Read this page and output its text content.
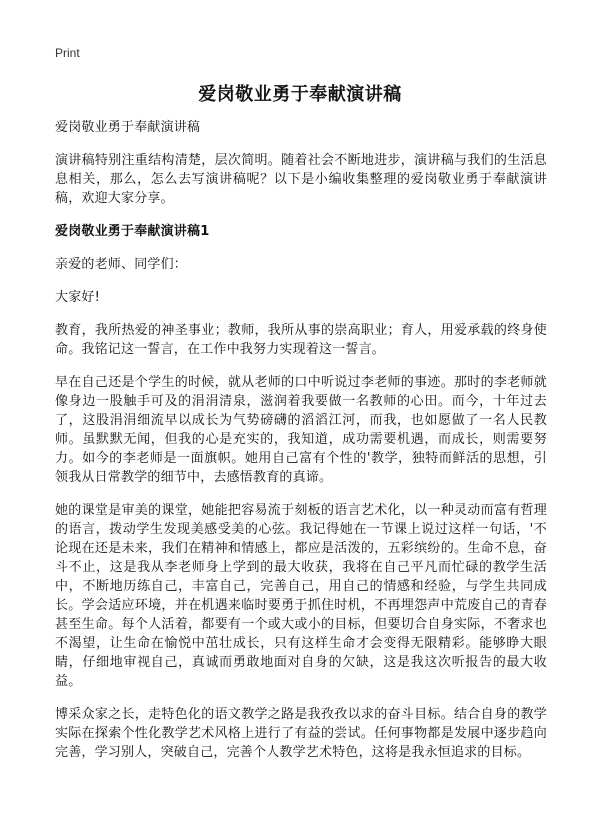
Print
爱岗敬业勇于奉献演讲稿

爱岗敬业勇于奉献演讲稿

演讲稿特别注重结构清楚，层次简明。随着社会不断地进步，演讲稿与我们的生活息息相关，那么，怎么去写演讲稿呢？以下是小编收集整理的爱岗敬业勇于奉献演讲稿，欢迎大家分享。

爱岗敬业勇于奉献演讲稿1

亲爱的老师、同学们：

大家好!

教育，我所热爱的神圣事业；教师，我所从事的崇高职业；育人，用爱承载的终身使命。我铭记这一誓言，在工作中我努力实现着这一誓言。

早在自己还是个学生的时候，就从老师的口中听说过李老师的事迹。那时的李老师就像身边一股触手可及的涓涓清泉，滋润着我要做一名教师的心田。而今，十年过去了，这股涓涓细流早以成长为气势磅礴的滔滔江河，而我，也如愿做了一名人民教师。虽默默无闻，但我的心是充实的，我知道，成功需要机遇，而成长，则需要努力。如今的李老师是一面旗帜。她用自己富有个性的'教学，独特而鲜活的思想，引领我从日常教学的细节中，去感悟教育的真谛。

她的课堂是审美的课堂，她能把容易流于刻板的语言艺术化，以一种灵动而富有哲理的语言，拨动学生发现美感受美的心弦。我记得她在一节课上说过这样一句话，'不论现在还是未来，我们在精神和情感上，都应是活泼的，五彩缤纷的。生命不息，奋斗不止，这是我从李老师身上学到的最大收获，我将在自己平凡而忙碌的教学生活中，不断地历练自己，丰富自己，完善自己，用自己的情感和经验，与学生共同成长。学会适应环境，并在机遇来临时要勇于抓住时机，不再埋怨声中荒废自己的青春甚至生命。每个人活着，都要有一个或大或小的目标，但要切合自身实际，不奢求也不渴望，让生命在愉悦中茁壮成长，只有这样生命才会变得无限精彩。能够睁大眼睛，仔细地审视自己，真诚而勇敢地面对自身的欠缺，这是我这次听报告的最大收益。

博采众家之长，走特色化的语文教学之路是我孜孜以求的奋斗目标。结合自身的教学实际在探索个性化教学艺术风格上进行了有益的尝试。任何事物都是发展中逐步趋向完善，学习别人，突破自己，完善个人教学艺术特色，这将是我永恒追求的目标。
